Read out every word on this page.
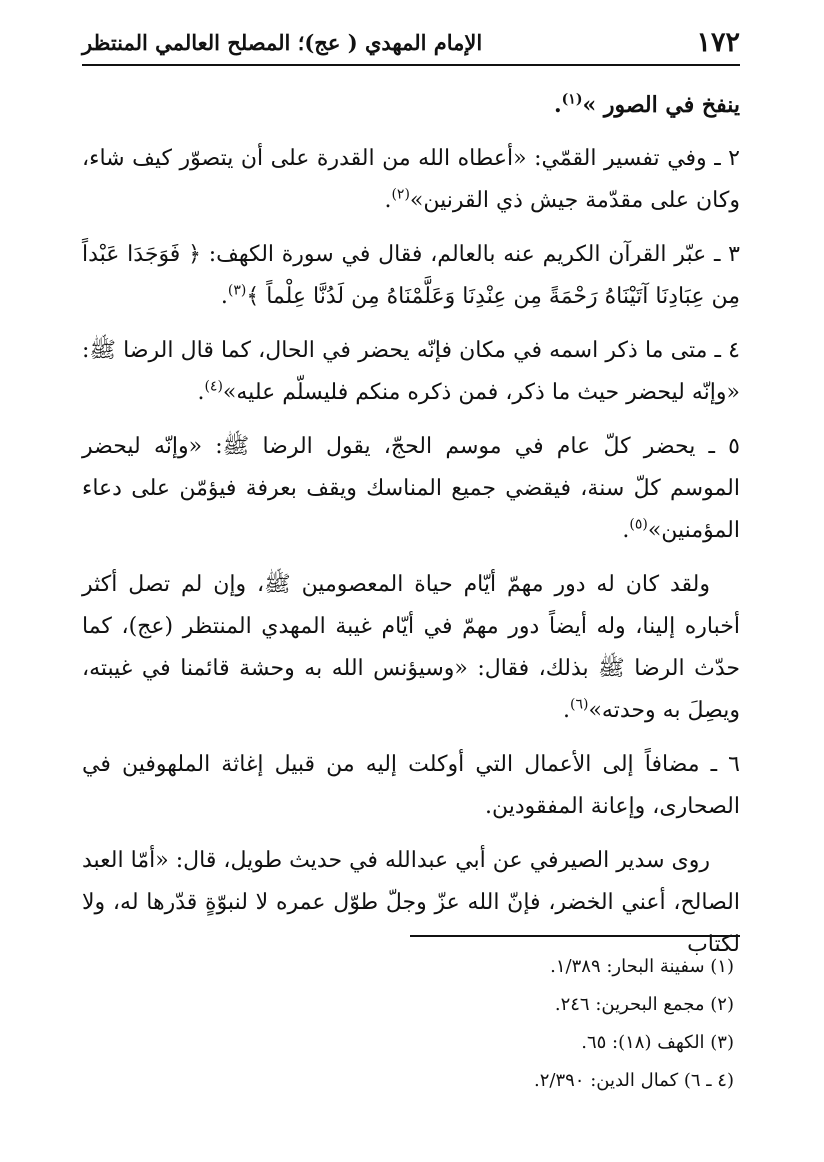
١٧٢
الإمام المهدي ( عج)؛ المصلح العالمي المنتظر

ينفخ في الصور »$^{(١)}$.

٢ ـ وفي تفسير القمّي: «أعطاه الله من القدرة على أن يتصوّر كيف شاء، وكان على مقدّمة جيش ذي القرنين»$^{(٢)}$.

٣ ـ عبّر القرآن الكريم عنه بالعالم، فقال في سورة الكهف: ﴿ فَوَجَدَا عَبْداً مِن عِبَادِنَا آتَيْنَاهُ رَحْمَةً مِن عِنْدِنَا وَعَلَّمْنَاهُ مِن لَدُنَّا عِلْماً ﴾$^{(٣)}$.

٤ ـ متى ما ذكر اسمه في مكان فإنّه يحضر في الحال، كما قال الرضا ﷺ: «وإنّه ليحضر حيث ما ذكر، فمن ذكره منكم فليسلّم عليه»$^{(٤)}$.

٥ ـ يحضر كلّ عام في موسم الحجّ، يقول الرضا ﷺ: «وإنّه ليحضر الموسم كلّ سنة، فيقضي جميع المناسك ويقف بعرفة فيؤمّن على دعاء المؤمنين»$^{(٥)}$.

ولقد كان له دور مهمّ أيّام حياة المعصومين ﷺ، وإن لم تصل أكثر أخباره إلينا، وله أيضاً دور مهمّ في أيّام غيبة المهدي المنتظر (عج)، كما حدّث الرضا ﷺ بذلك، فقال: «وسيؤنس الله به وحشة قائمنا في غيبته، ويصِلَ به وحدته»$^{(٦)}$.

٦ ـ مضافاً إلى الأعمال التي أوكلت إليه من قبيل إغاثة الملهوفين في الصحارى، وإعانة المفقودين.

روى سدير الصيرفي عن أبي عبدالله في حديث طويل، قال: «أمّا العبد الصالح، أعني الخضر، فإنّ الله عزّ وجلّ طوّل عمره لا لنبوّةٍ قدّرها له، ولا لكتاب

(١) سفينة البحار: ١/٣٨٩.
(٢) مجمع البحرين: ٢٤٦.
(٣) الكهف (١٨): ٦٥.
(٤ ـ ٦) كمال الدين: ٢/٣٩٠.
